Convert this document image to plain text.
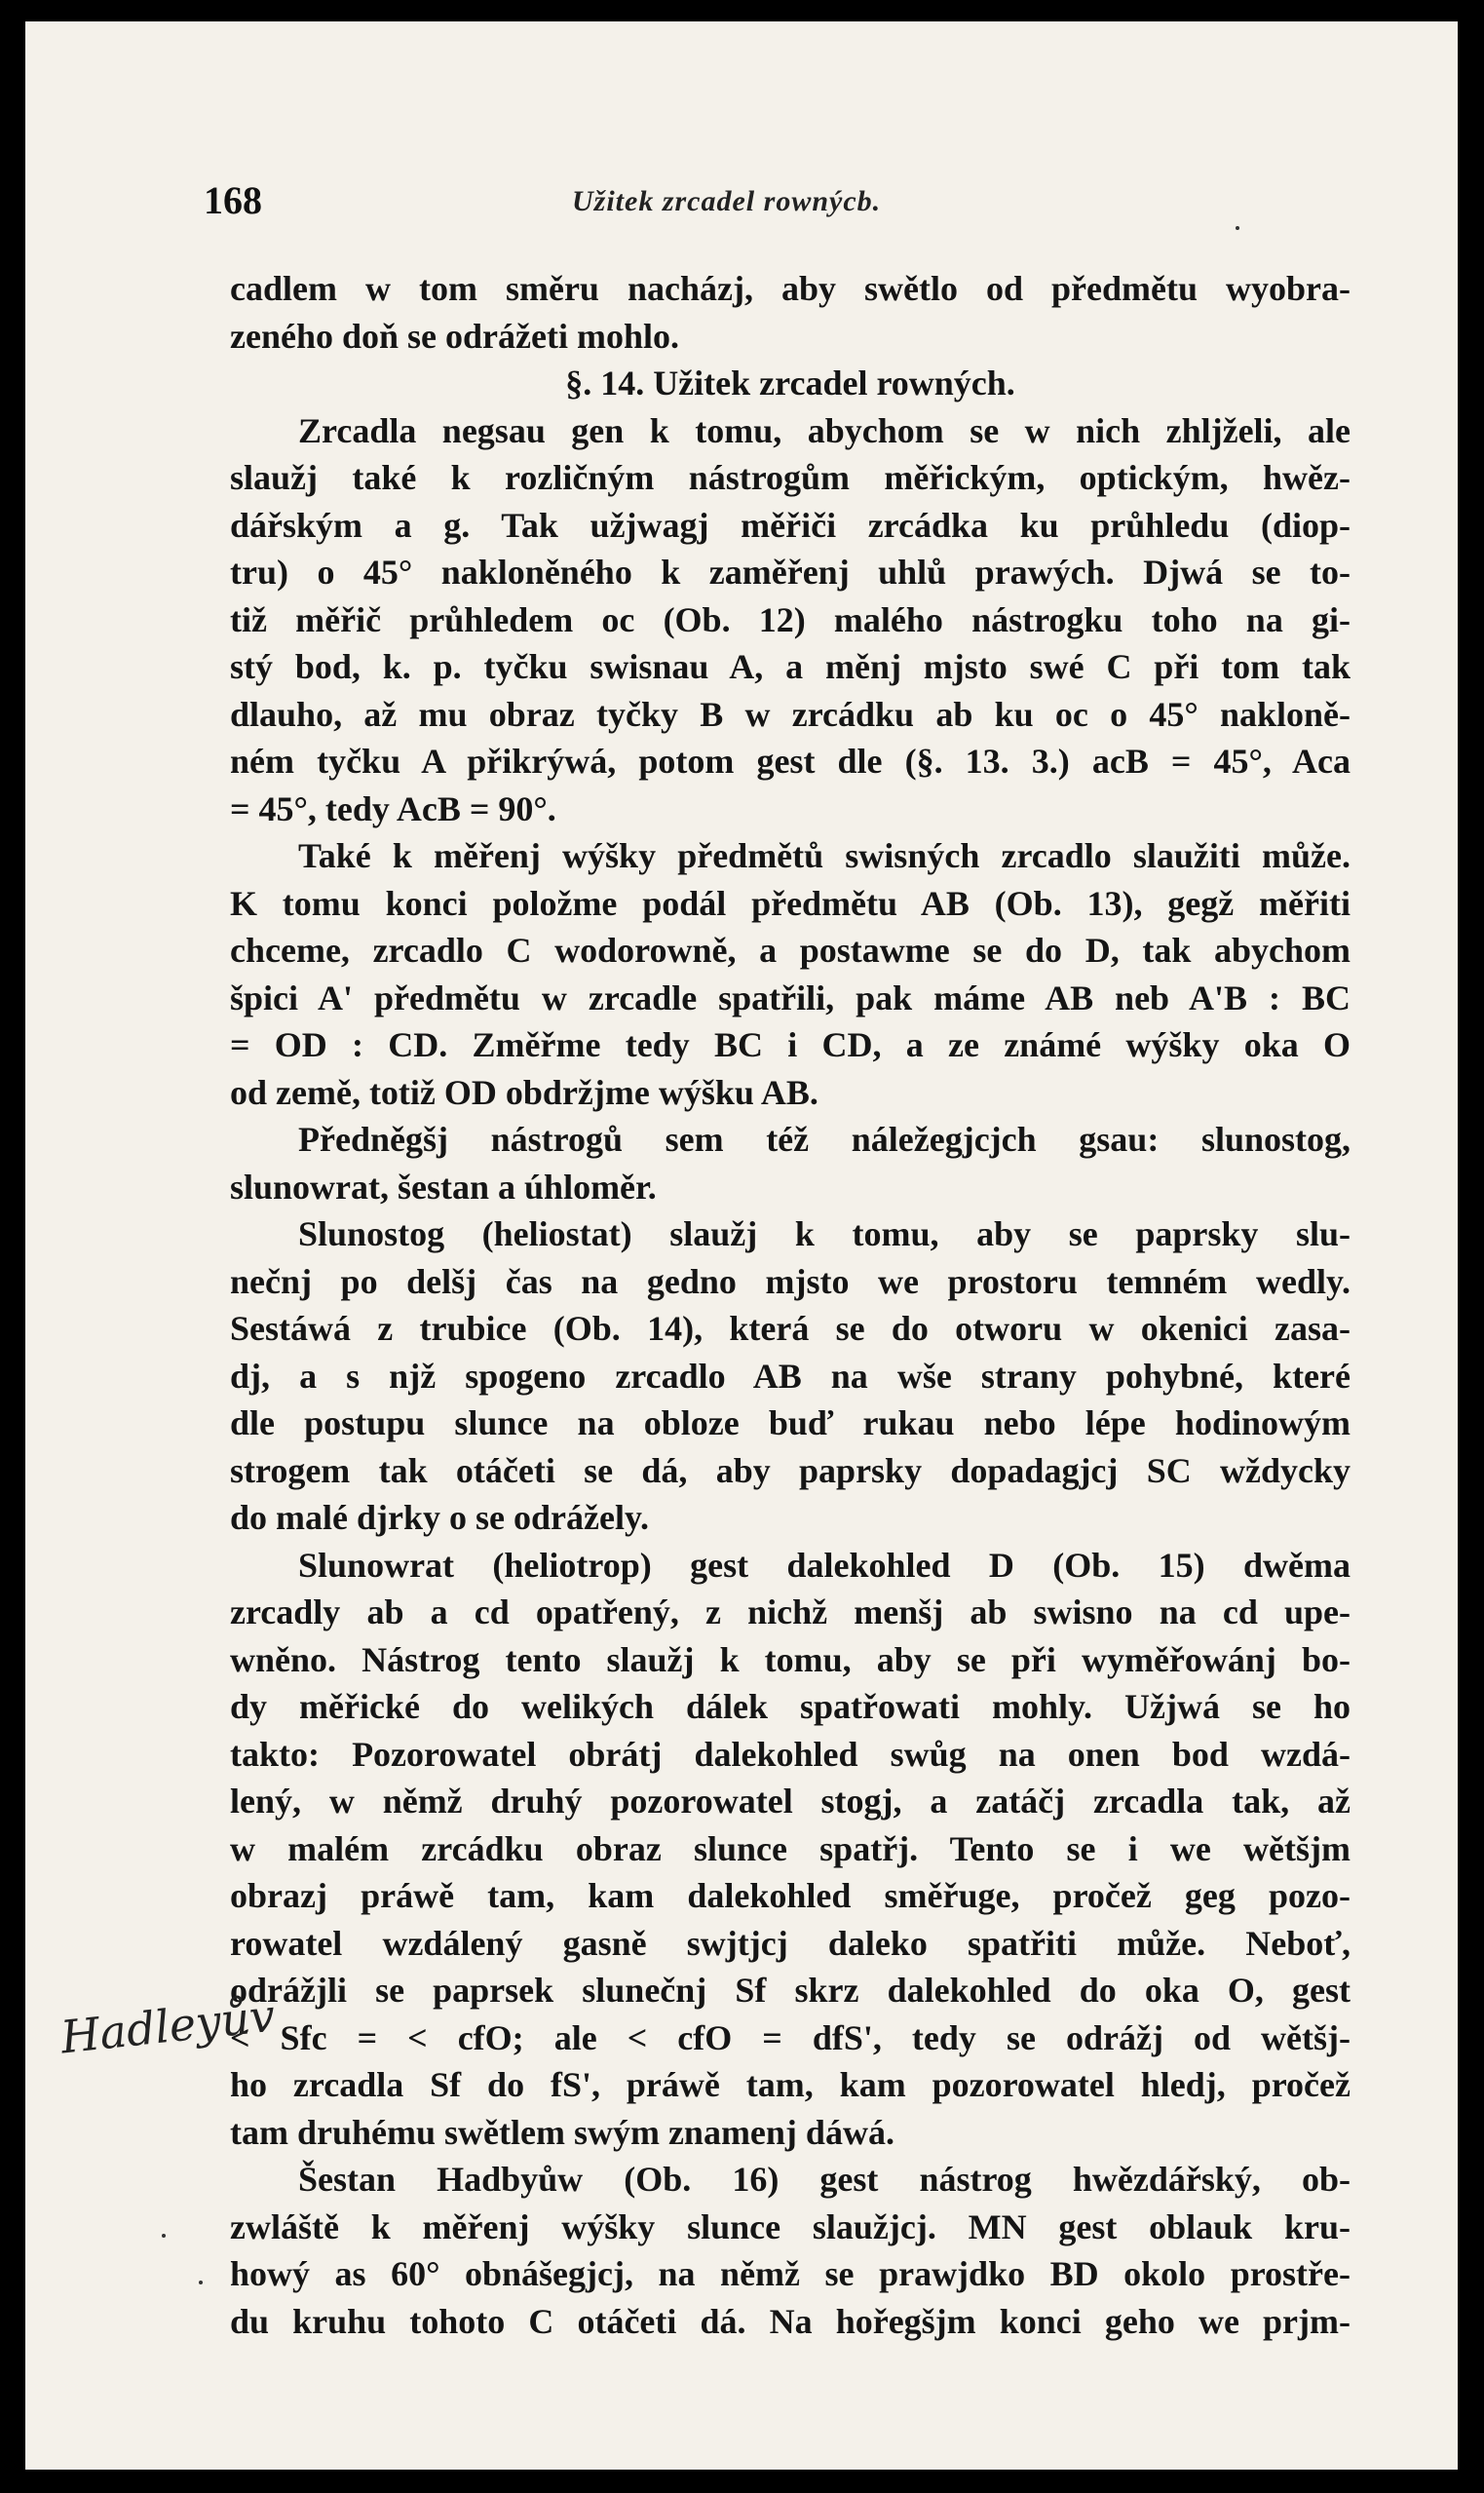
168	Užitek zrcadel rownýcb.
cadlem w tom směru nacházj, aby swětlo od předmětu wyobra-
zeného doň se odrážeti mohlo.
§. 14. Užitek zrcadel rowných.
Zrcadla negsau gen k tomu, abychom se w nich zhljželi, ale
slaužj také k rozličným nástrogům měřickým, optickým, hwěz-
dářským a g. Tak užjwagj měřiči zrcádka ku průhledu (diop-
tru) o 45° nakloněného k zaměřenj uhlů prawých. Djwá se to-
tiž měřič průhledem oc (Ob. 12) malého nástrogku toho na gi-
stý bod, k. p. tyčku swisnau A, a měnj mjsto swé C při tom tak
dlauho, až mu obraz tyčky B w zrcádku ab ku oc o 45° nakloně-
ném tyčku A přikrýwá, potom gest dle (§. 13. 3.) acB = 45°, Aca
= 45°, tedy AcB = 90°.
Také k měřenj wýšky předmětů swisných zrcadlo slaužiti může.
K tomu konci položme podál předmětu AB (Ob. 13), gegž měřiti
chceme, zrcadlo C wodorowně, a postawme se do D, tak abychom
špici A' předmětu w zrcadle spatřili, pak máme AB neb A'B : BC
= OD : CD. Změřme tedy BC i CD, a ze známé wýšky oka O
od země, totiž OD obdržjme wýšku AB.
Předněgšj nástrogů sem též náležegjcjch gsau: slunostog,
slunowrat, šestan a úhloměr.
Slunostog (heliostat) slaužj k tomu, aby se paprsky slu-
nečnj po delšj čas na gedno mjsto we prostoru temném wedly.
Sestáwá z trubice (Ob. 14), která se do otworu w okenici zasa-
dj, a s njž spogeno zrcadlo AB na wše strany pohybné, které
dle postupu slunce na obloze buď rukau nebo lépe hodinowým
strogem tak otáčeti se dá, aby paprsky dopadagjcj SC wždycky
do malé djrky o se odrážely.
Slunowrat (heliotrop) gest dalekohled D (Ob. 15) dwěma
zrcadly ab a cd opatřený, z nichž menšj ab swisno na cd upe-
wněno. Nástrog tento slaužj k tomu, aby se při wyměřowánj bo-
dy měřické do welikých dálek spatřowati mohly. Užjwá se ho
takto: Pozorowatel obrátj dalekohled swůg na onen bod wzdá-
lený, w němž druhý pozorowatel stogj, a zatáčj zrcadla tak, až
w malém zrcádku obraz slunce spatřj. Tento se i we wětšjm
obrazj práwě tam, kam dalekohled směřuge, pročež geg pozo-
rowatel wzdálený gasně swjtjcj daleko spatřiti může. Neboť,
odrážjli se paprsek slunečnj Sf skrz dalekohled do oka O, gest
< Sfc = < cfO; ale < cfO = dfS', tedy se odrážj od wětšj-
ho zrcadla Sf do fS', práwě tam, kam pozorowatel hledj, pročež
tam druhému swětlem swým znamenj dáwá.
Šestan Hadbyůw (Ob. 16) gest nástrog hwězdářský, ob-
zwláště k měřenj wýšky slunce slaužjcj. MN gest oblauk kru-
howý as 60° obnášegjcj, na němž se prawjdko BD okolo prostře-
du kruhu tohoto C otáčeti dá. Na hořegšjm konci geho we prjm-
Hadleyův
